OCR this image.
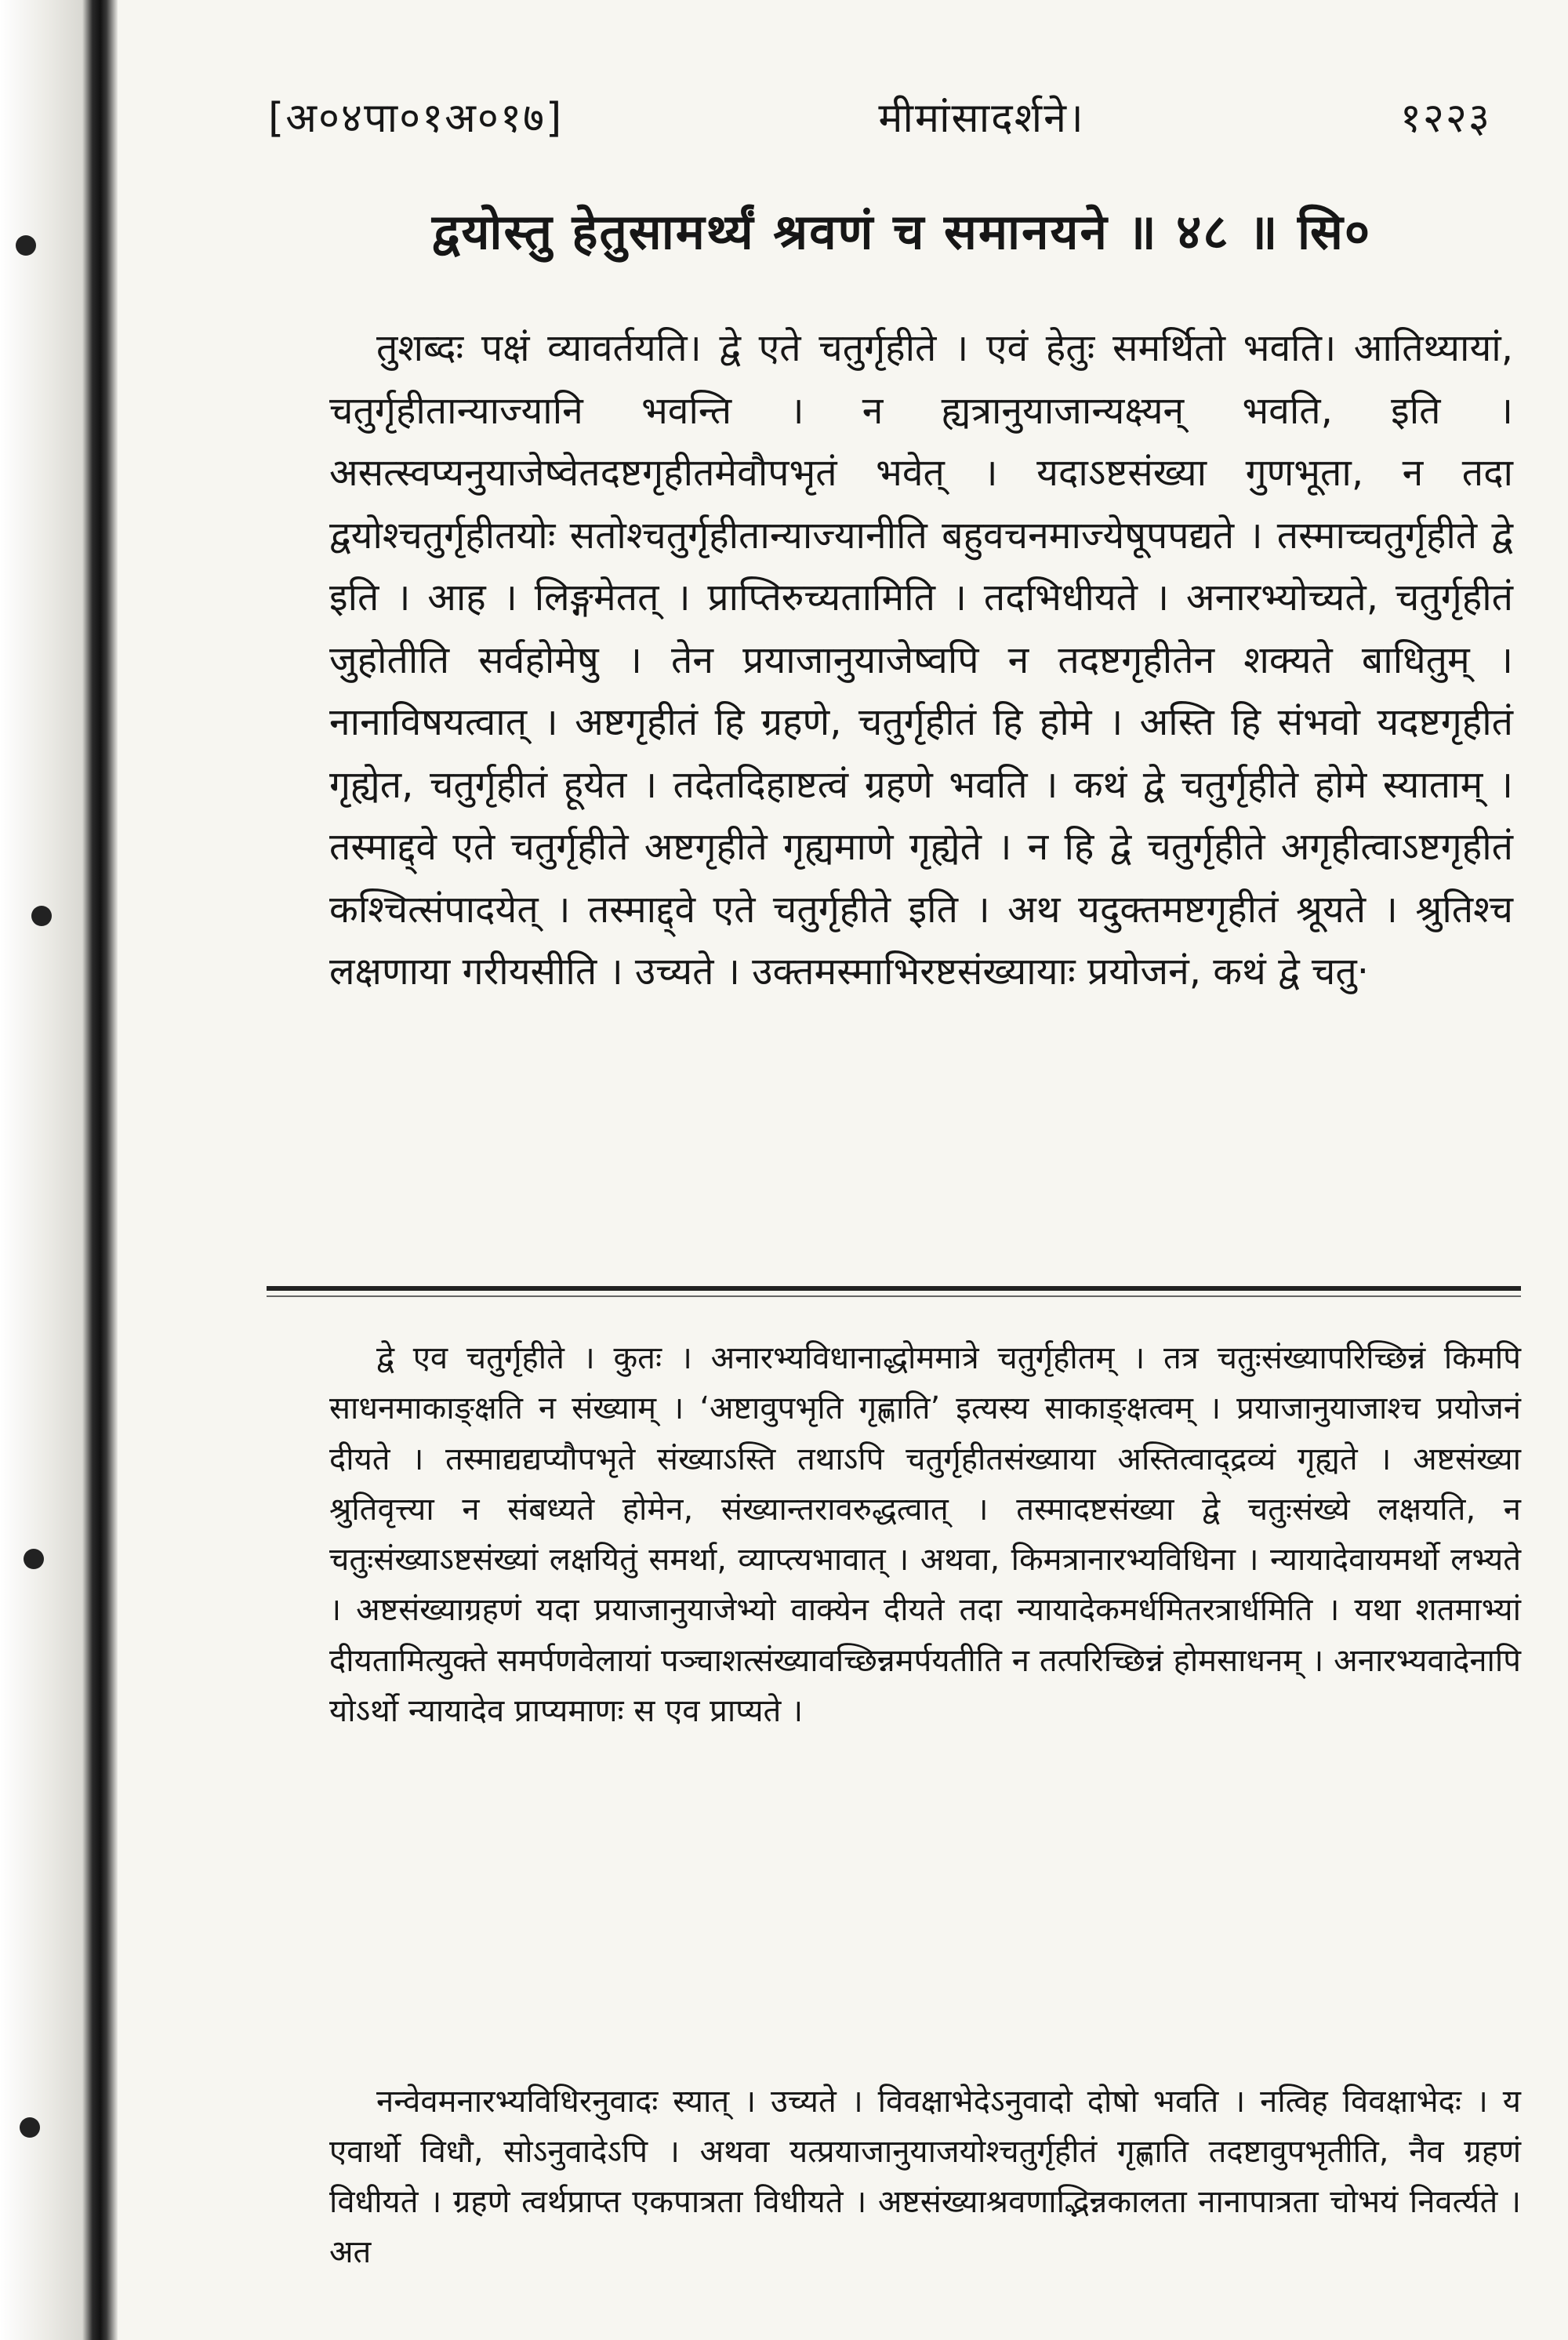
[अ०४पा०१अ०१७]	मीमांसादर्शने।	१२२३
द्वयोस्तु हेतुसामर्थ्यं श्रवणं च समानयने ॥ ४८ ॥ सि०

तुशब्दः पक्षं व्यावर्तयति। द्वे एते चतुर्गृहीते । एवं हेतुः समर्थितो भवति। आतिथ्यायां, चतुर्गृहीतान्याज्यानि भवन्ति । न ह्यत्रानुयाजान्यक्ष्यन् भवति, इति । असत्स्वप्यनुयाजेष्वेतदष्टगृहीतमेवौपभृतं भवेत् । यदाऽष्टसंख्या गुणभूता, न तदा द्वयोश्चतुर्गृहीतयोः सतोश्चतुर्गृहीतान्याज्यानीति बहुवचनमाज्येषूपपद्यते । तस्माच्चतुर्गृहीते द्वे इति । आह । लिङ्गमेतत् । प्राप्तिरुच्यतामिति । तदभिधीयते । अनारभ्योच्यते, चतुर्गृहीतं जुहोतीति सर्वहोमेषु । तेन प्रयाजानुयाजेष्वपि न तदष्टगृहीतेन शक्यते बाधितुम् । नानाविषयत्वात् । अष्टगृहीतं हि ग्रहणे, चतुर्गृहीतं हि होमे । अस्ति हि संभवो यदष्टगृहीतं गृह्येत, चतुर्गृहीतं हूयेत । तदेतदिहाष्टत्वं ग्रहणे भवति । कथं द्वे चतुर्गृहीते होमे स्याताम् । तस्माद्द्वे एते चतुर्गृहीते अष्टगृहीते गृह्यमाणे गृह्येते । न हि द्वे चतुर्गृहीते अगृहीत्वाऽष्टगृहीतं कश्चित्संपादयेत् । तस्माद्द्वे एते चतुर्गृहीते इति । अथ यदुक्तमष्टगृहीतं श्रूयते । श्रुतिश्च लक्षणाया गरीयसीति । उच्यते । उक्तमस्माभिरष्टसंख्यायाः प्रयोजनं, कथं द्वे चतु·

द्वे एव चतुर्गृहीते । कुतः । अनारभ्यविधानाद्धोममात्रे चतुर्गृहीतम् । तत्र चतुःसंख्यापरिच्छिन्नं किमपि साधनमाकाङ्क्षति न संख्याम् । ‘अष्टावुपभृति गृह्णाति’ इत्यस्य साकाङ्क्षत्वम् । प्रयाजानुयाजाश्च प्रयोजनं दीयते । तस्माद्यद्यप्यौपभृते संख्याऽस्ति तथाऽपि चतुर्गृहीतसंख्याया अस्तित्वाद्द्रव्यं गृह्यते । अष्टसंख्या श्रुतिवृत्त्या न संबध्यते होमेन, संख्यान्तरावरुद्धत्वात् । तस्मादष्टसंख्या द्वे चतुःसंख्ये लक्षयति, न चतुःसंख्याऽष्टसंख्यां लक्षयितुं समर्था, व्याप्त्यभावात् । अथवा, किमत्रानारभ्यविधिना । न्यायादेवायमर्थो लभ्यते । अष्टसंख्याग्रहणं यदा प्रयाजानुयाजेभ्यो वाक्येन दीयते तदा न्यायादेकमर्धमितरत्रार्धमिति । यथा शतमाभ्यां दीयतामित्युक्ते समर्पणवेलायां पञ्चाशत्संख्यावच्छिन्नमर्पयतीति न तत्परिच्छिन्नं होमसाधनम् । अनारभ्यवादेनापि योऽर्थो न्यायादेव प्राप्यमाणः स एव प्राप्यते ।

नन्वेवमनारभ्यविधिरनुवादः स्यात् । उच्यते । विवक्षाभेदेऽनुवादो दोषो भवति । नत्विह विवक्षाभेदः । य एवार्थो विधौ, सोऽनुवादेऽपि । अथवा यत्प्रयाजानुयाजयोश्चतुर्गृहीतं गृह्णाति तदष्टावुपभृतीति, नैव ग्रहणं विधीयते । ग्रहणे त्वर्थप्राप्त एकपात्रता विधीयते । अष्टसंख्याश्रवणाद्भिन्नकालता नानापात्रता चोभयं निवर्त्यते । अत
